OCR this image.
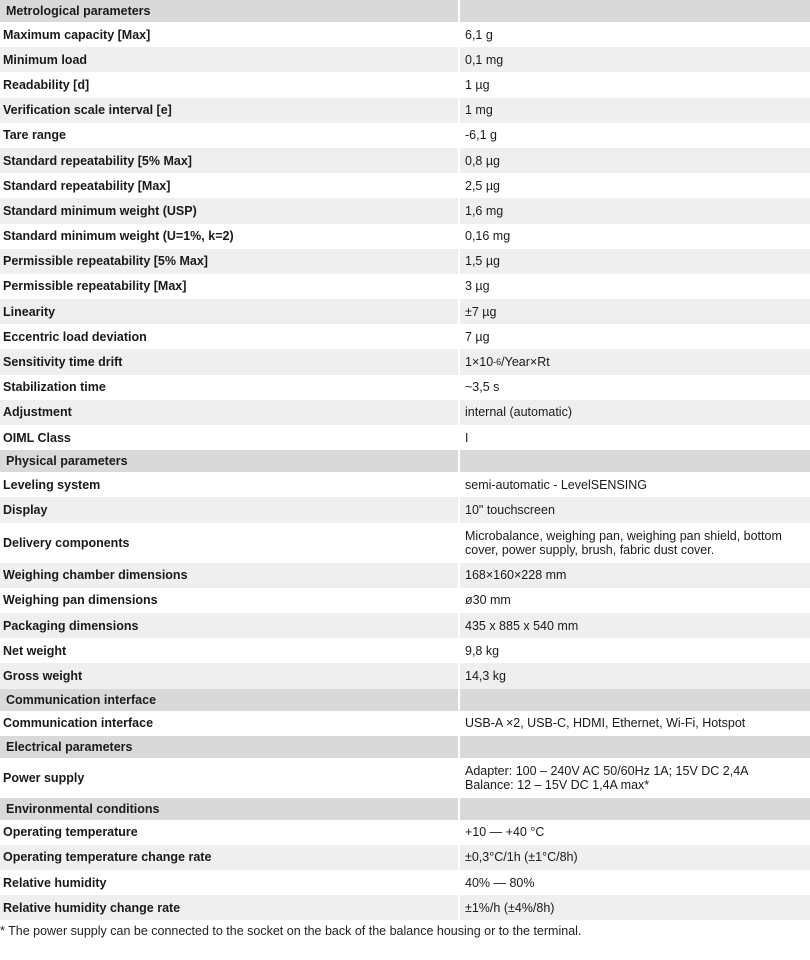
Metrological parameters
Maximum capacity [Max]	6,1 g
Minimum load	0,1 mg
Readability [d]	1 µg
Verification scale interval [e]	1 mg
Tare range	-6,1 g
Standard repeatability [5% Max]	0,8 µg
Standard repeatability [Max]	2,5 µg
Standard minimum weight (USP)	1,6 mg
Standard minimum weight (U=1%, k=2)	0,16 mg
Permissible repeatability [5% Max]	1,5 µg
Permissible repeatability [Max]	3 µg
Linearity	±7 µg
Eccentric load deviation	7 µg
Sensitivity time drift	1×10 -6 /Year×Rt
Stabilization time	~3,5 s
Adjustment	internal (automatic)
OIML Class	I
Physical parameters
Leveling system	semi-automatic - LevelSENSING
Display	10" touchscreen
Delivery components	Microbalance, weighing pan, weighing pan shield, bottom cover, power supply, brush, fabric dust cover.
Weighing chamber dimensions	168×160×228 mm
Weighing pan dimensions	ø30 mm
Packaging dimensions	435 x 885 x 540 mm
Net weight	9,8 kg
Gross weight	14,3 kg
Communication interface
Communication interface	USB-A ×2, USB-C, HDMI, Ethernet, Wi-Fi, Hotspot
Electrical parameters
Power supply	Adapter: 100 – 240V AC 50/60Hz 1A; 15V DC 2,4A
Balance: 12 – 15V DC 1,4A max*
Environmental conditions
Operating temperature	+10 — +40 °C
Operating temperature change rate	±0,3°C/1h (±1°C/8h)
Relative humidity	40% — 80%
Relative humidity change rate	±1%/h (±4%/8h)
* The power supply can be connected to the socket on the back of the balance housing or to the terminal.
